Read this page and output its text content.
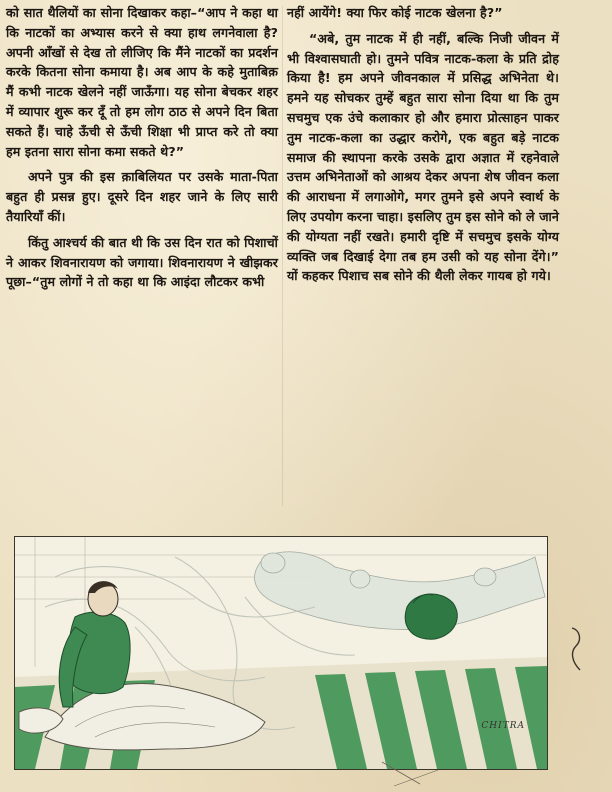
को सात थैलियों का सोना दिखाकर कहा–“आप ने कहा था कि नाटकों का अभ्यास करने से क्या हाथ लगनेवाला है? अपनी आँखों से देख तो लीजिए कि मैंने नाटकों का प्रदर्शन करके कितना सोना कमाया है। अब आप के कहे मुताबिक़ मैं कभी नाटक खेलने नहीं जाऊँगा। यह सोना बेचकर शहर में व्यापार शुरू कर दूँ तो हम लोग ठाठ से अपने दिन बिता सकते हैं। चाहे ऊँची से ऊँची शिक्षा भी प्राप्त करे तो क्या हम इतना सारा सोना कमा सकते थे?”

अपने पुत्र की इस क़ाबिलियत पर उसके माता-पिता बहुत ही प्रसन्न हुए। दूसरे दिन शहर जाने के लिए सारी तैयारियाँ कीं।

किंतु आश्चर्य की बात थी कि उस दिन रात को पिशाचों ने आकर शिवनारायण को जगाया। शिवनारायण ने खीझकर पूछा–“तुम लोगों ने तो कहा था कि आइंदा लौटकर कभी

नहीं आयेंगे! क्या फिर कोई नाटक खेलना है?”

“अबे, तुम नाटक में ही नहीं, बल्कि निजी जीवन में भी विश्वासघाती हो। तुमने पवित्र नाटक-कला के प्रति द्रोह किया है! हम अपने जीवनकाल में प्रसिद्ध अभिनेता थे। हमने यह सोचकर तुम्हें बहुत सारा सोना दिया था कि तुम सचमुच एक उंचे कलाकार हो और हमारा प्रोत्साहन पाकर तुम नाटक-कला का उद्धार करोगे, एक बहुत बड़े नाटक समाज की स्थापना करके उसके द्वारा अज्ञात में रहनेवाले उत्तम अभिनेताओं को आश्रय देकर अपना शेष जीवन कला की आराधना में लगाओगे, मगर तुमने इसे अपने स्वार्थ के लिए उपयोग करना चाहा। इसलिए तुम इस सोने को ले जाने की योग्यता नहीं रखते। हमारी दृष्टि में सचमुच इसके योग्य व्यक्ति जब दिखाई देगा तब हम उसी को यह सोना देंगे।” यों कहकर पिशाच सब सोने की थैली लेकर गायब हो गये।

CHITRA
